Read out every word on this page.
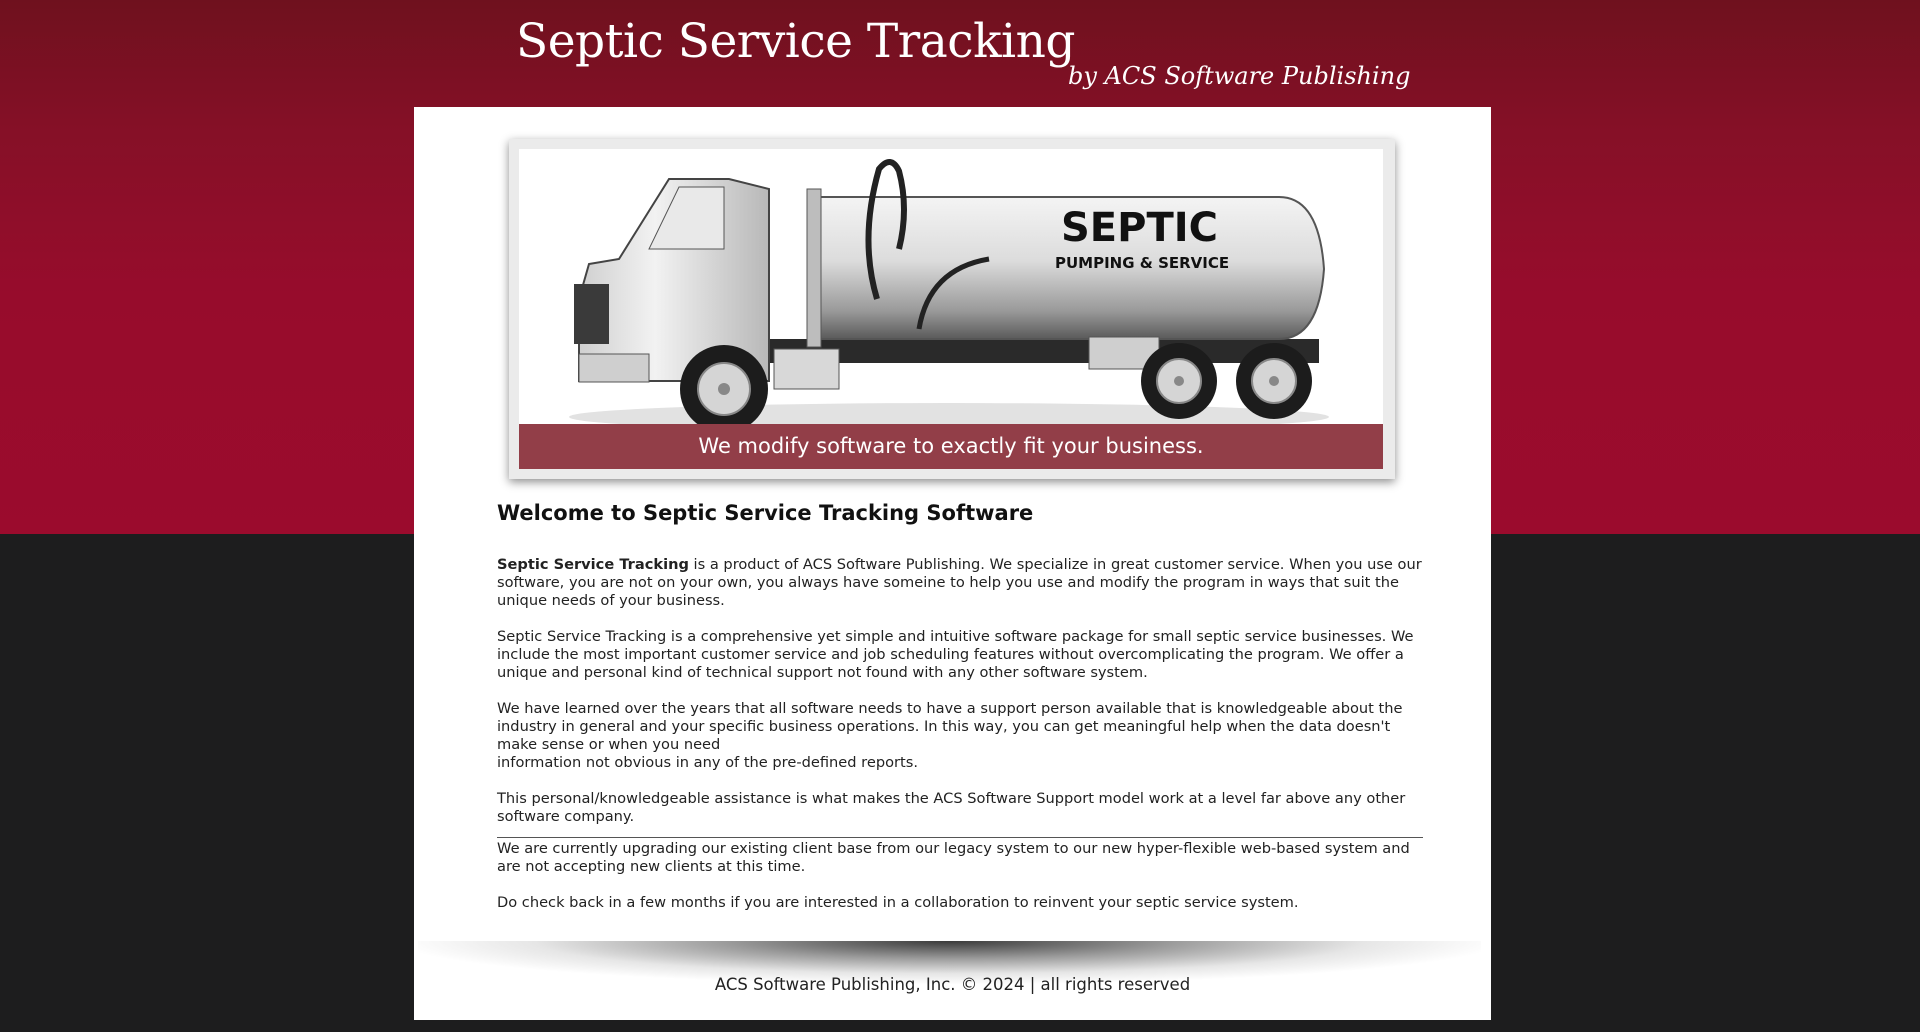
Septic Service Tracking
by ACS Software Publishing
SEPTIC
PUMPING & SERVICE
We modify software to exactly fit your business.
Welcome to Septic Service Tracking Software

Septic Service Tracking is a product of ACS Software Publishing. We specialize in great customer service. When you use our software, you are not on your own, you always have someine to help you use and modify the program in ways that suit the unique needs of your business.

Septic Service Tracking is a comprehensive yet simple and intuitive software package for small septic service businesses. We include the most important customer service and job scheduling features without overcomplicating the program. We offer a unique and personal kind of technical support not found with any other software system.

We have learned over the years that all software needs to have a support person available that is knowledgeable about the industry in general and your specific business operations. In this way, you can get meaningful help when the data doesn't make sense or when you need
information not obvious in any of the pre-defined reports.

This personal/knowledgeable assistance is what makes the ACS Software Support model work at a level far above any other software company.

We are currently upgrading our existing client base from our legacy system to our new hyper-flexible web-based system and are not accepting new clients at this time.

Do check back in a few months if you are interested in a collaboration to reinvent your septic service system.

ACS Software Publishing, Inc. © 2024 | all rights reserved
